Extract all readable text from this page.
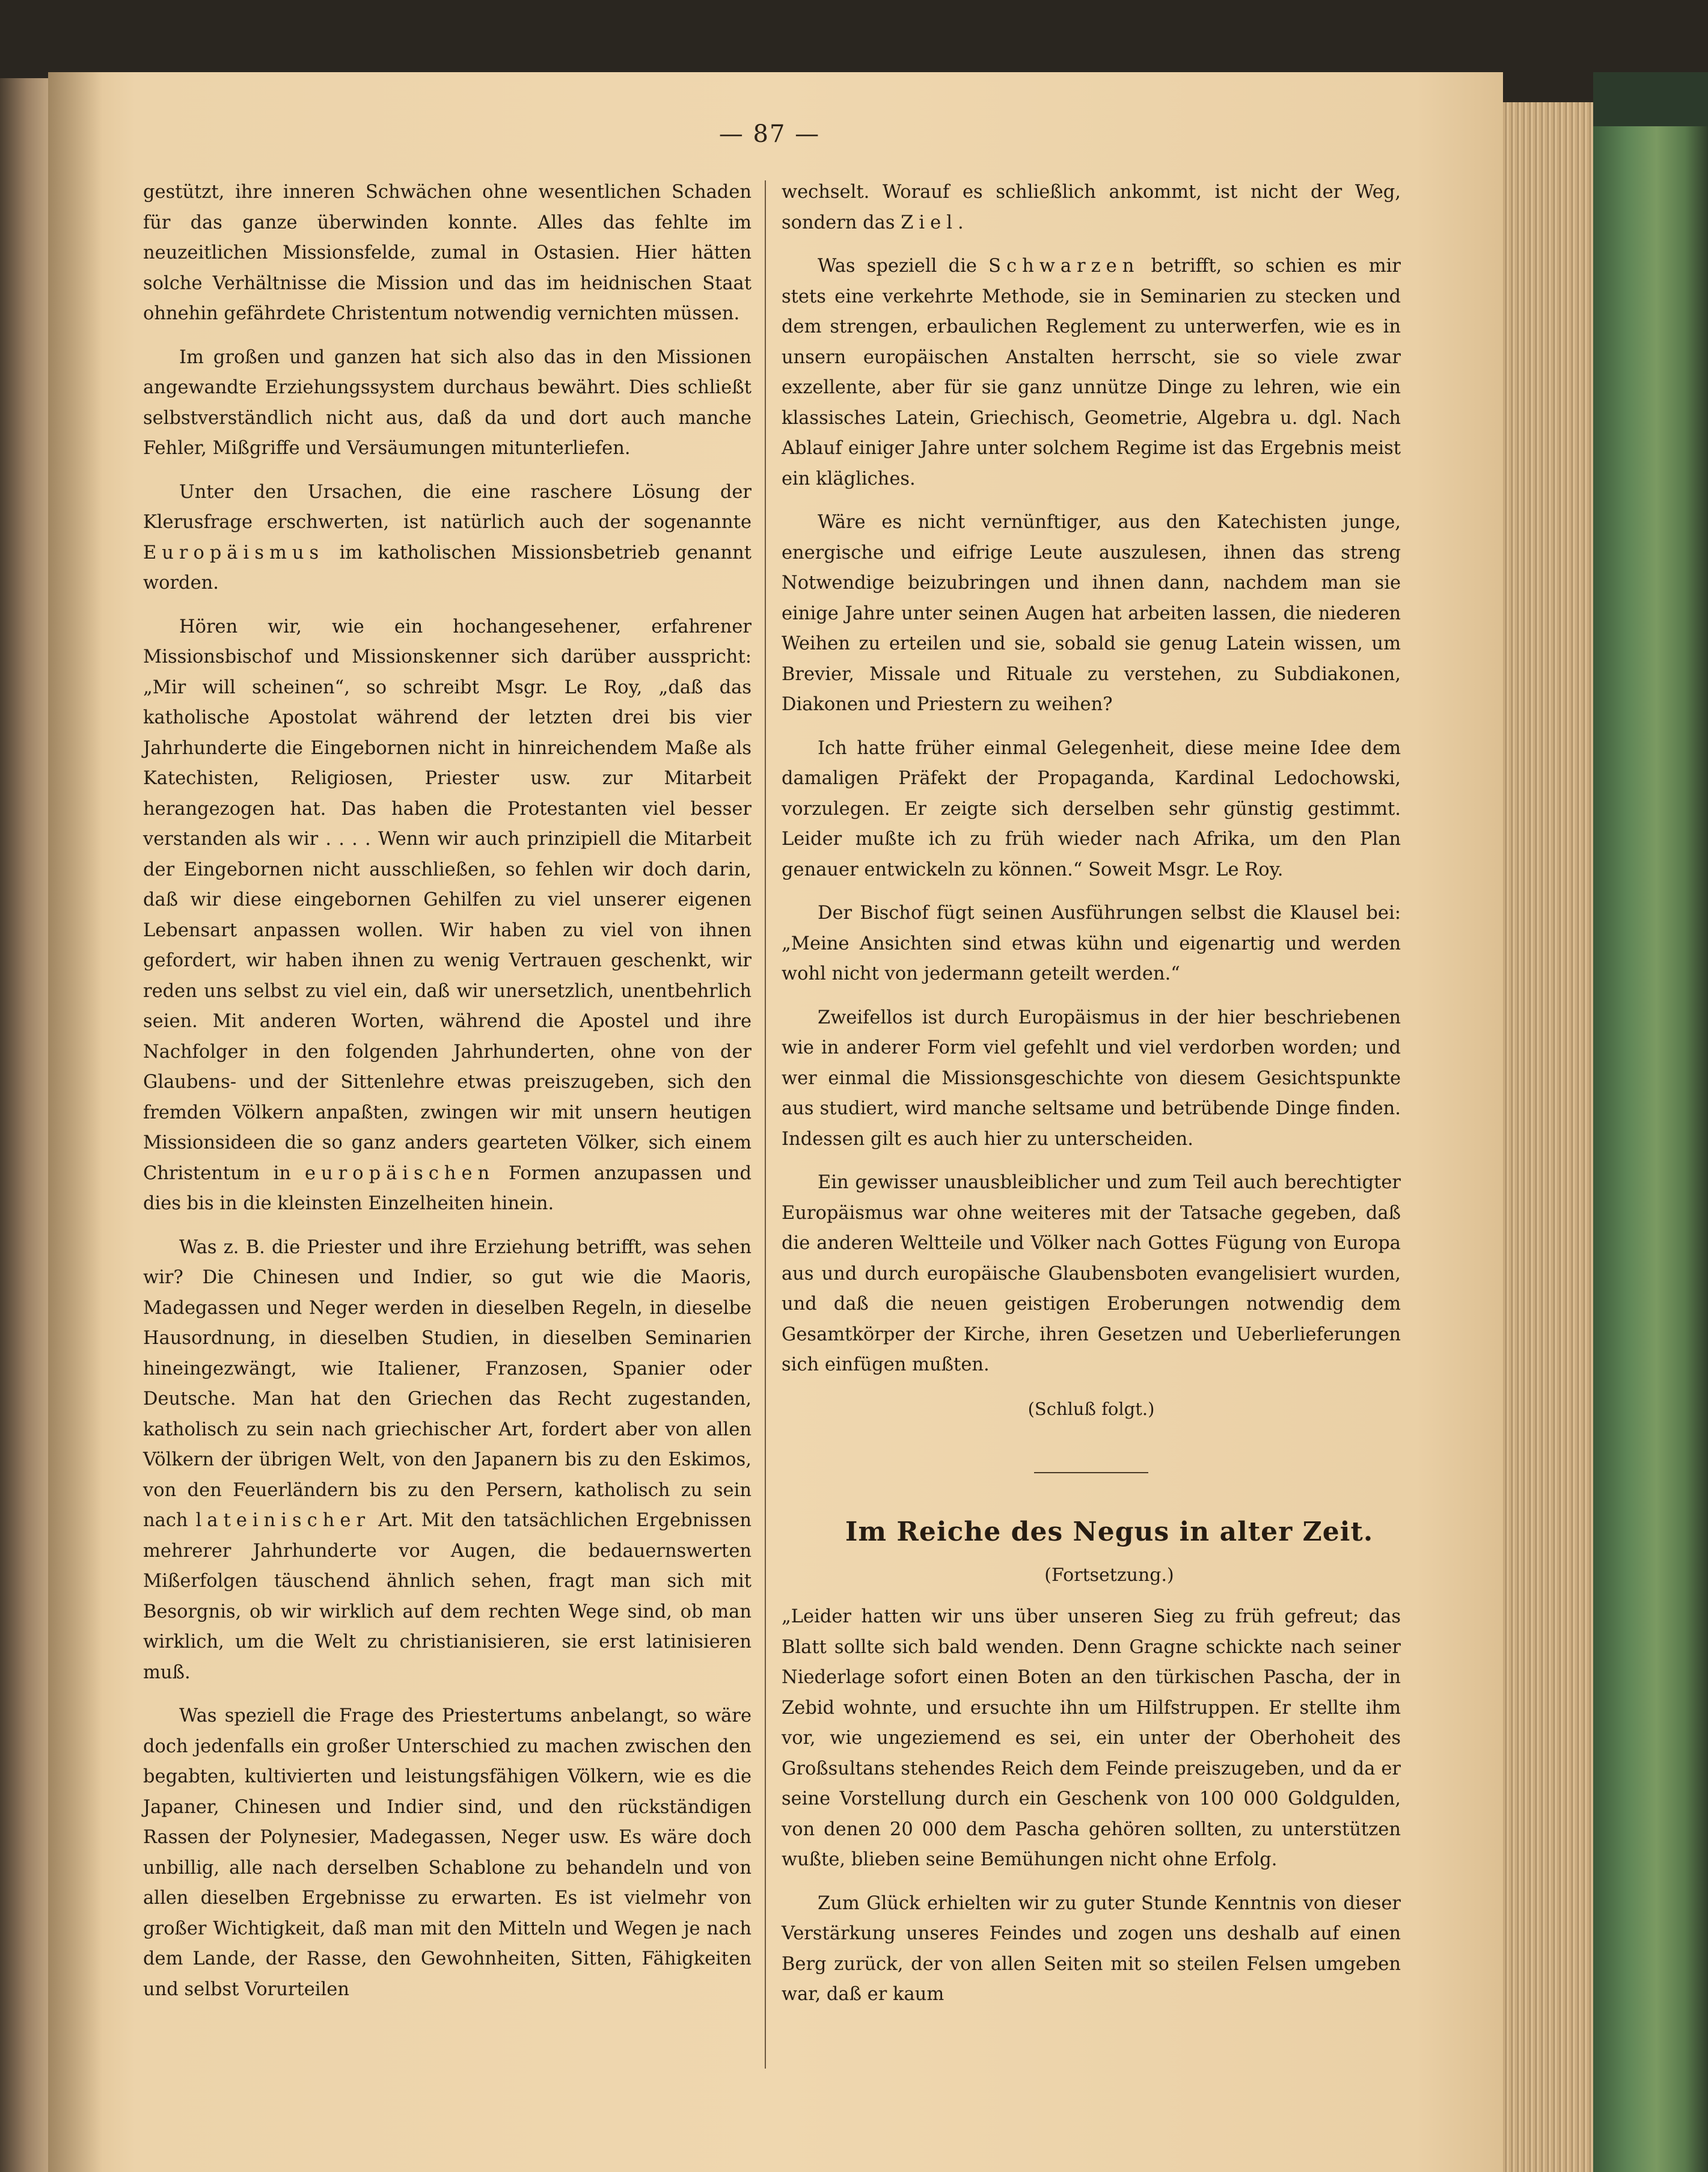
— 87 —

gestützt, ihre inneren Schwächen ohne wesentlichen Schaden für das ganze überwinden konnte. Alles das fehlte im neuzeitlichen Missionsfelde, zumal in Ostasien. Hier hätten solche Verhältnisse die Mission und das im heidnischen Staat ohnehin gefährdete Christentum notwendig vernichten müssen.

Im großen und ganzen hat sich also das in den Missionen angewandte Erziehungssystem durchaus bewährt. Dies schließt selbstverständlich nicht aus, daß da und dort auch manche Fehler, Mißgriffe und Versäumungen mitunterliefen.

Unter den Ursachen, die eine raschere Lösung der Klerusfrage erschwerten, ist natürlich auch der sogenannte Europäismus im katholischen Missionsbetrieb genannt worden.

Hören wir, wie ein hochangesehener, erfahrener Missionsbischof und Missionskenner sich darüber ausspricht: „Mir will scheinen“, so schreibt Msgr. Le Roy, „daß das katholische Apostolat während der letzten drei bis vier Jahrhunderte die Eingebornen nicht in hinreichendem Maße als Katechisten, Religiosen, Priester usw. zur Mitarbeit herangezogen hat. Das haben die Protestanten viel besser verstanden als wir . . . . Wenn wir auch prinzipiell die Mitarbeit der Eingebornen nicht ausschließen, so fehlen wir doch darin, daß wir diese eingebornen Gehilfen zu viel unserer eigenen Lebensart anpassen wollen. Wir haben zu viel von ihnen gefordert, wir haben ihnen zu wenig Vertrauen geschenkt, wir reden uns selbst zu viel ein, daß wir unersetzlich, unentbehrlich seien. Mit anderen Worten, während die Apostel und ihre Nachfolger in den folgenden Jahrhunderten, ohne von der Glaubens- und der Sittenlehre etwas preiszugeben, sich den fremden Völkern anpaßten, zwingen wir mit unsern heutigen Missionsideen die so ganz anders gearteten Völker, sich einem Christentum in europäischen Formen anzupassen und dies bis in die kleinsten Einzelheiten hinein.

Was z. B. die Priester und ihre Erziehung betrifft, was sehen wir? Die Chinesen und Indier, so gut wie die Maoris, Madegassen und Neger werden in dieselben Regeln, in dieselbe Hausordnung, in dieselben Studien, in dieselben Seminarien hineingezwängt, wie Italiener, Franzosen, Spanier oder Deutsche. Man hat den Griechen das Recht zugestanden, katholisch zu sein nach griechischer Art, fordert aber von allen Völkern der übrigen Welt, von den Japanern bis zu den Eskimos, von den Feuerländern bis zu den Persern, katholisch zu sein nach lateinischer Art. Mit den tatsächlichen Ergebnissen mehrerer Jahrhunderte vor Augen, die bedauernswerten Mißerfolgen täuschend ähnlich sehen, fragt man sich mit Besorgnis, ob wir wirklich auf dem rechten Wege sind, ob man wirklich, um die Welt zu christianisieren, sie erst latinisieren muß.

Was speziell die Frage des Priestertums anbelangt, so wäre doch jedenfalls ein großer Unterschied zu machen zwischen den begabten, kultivierten und leistungsfähigen Völkern, wie es die Japaner, Chinesen und Indier sind, und den rückständigen Rassen der Polynesier, Madegassen, Neger usw. Es wäre doch unbillig, alle nach derselben Schablone zu behandeln und von allen dieselben Ergebnisse zu erwarten. Es ist vielmehr von großer Wichtigkeit, daß man mit den Mitteln und Wegen je nach dem Lande, der Rasse, den Gewohnheiten, Sitten, Fähigkeiten und selbst Vorurteilen

wechselt. Worauf es schließlich ankommt, ist nicht der Weg, sondern das Ziel.

Was speziell die Schwarzen betrifft, so schien es mir stets eine verkehrte Methode, sie in Seminarien zu stecken und dem strengen, erbaulichen Reglement zu unterwerfen, wie es in unsern europäischen Anstalten herrscht, sie so viele zwar exzellente, aber für sie ganz unnütze Dinge zu lehren, wie ein klassisches Latein, Griechisch, Geometrie, Algebra u. dgl. Nach Ablauf einiger Jahre unter solchem Regime ist das Ergebnis meist ein klägliches.

Wäre es nicht vernünftiger, aus den Katechisten junge, energische und eifrige Leute auszulesen, ihnen das streng Notwendige beizubringen und ihnen dann, nachdem man sie einige Jahre unter seinen Augen hat arbeiten lassen, die niederen Weihen zu erteilen und sie, sobald sie genug Latein wissen, um Brevier, Missale und Rituale zu verstehen, zu Subdiakonen, Diakonen und Priestern zu weihen?

Ich hatte früher einmal Gelegenheit, diese meine Idee dem damaligen Präfekt der Propaganda, Kardinal Ledochowski, vorzulegen. Er zeigte sich derselben sehr günstig gestimmt. Leider mußte ich zu früh wieder nach Afrika, um den Plan genauer entwickeln zu können.“ Soweit Msgr. Le Roy.

Der Bischof fügt seinen Ausführungen selbst die Klausel bei: „Meine Ansichten sind etwas kühn und eigenartig und werden wohl nicht von jedermann geteilt werden.“

Zweifellos ist durch Europäismus in der hier beschriebenen wie in anderer Form viel gefehlt und viel verdorben worden; und wer einmal die Missionsgeschichte von diesem Gesichtspunkte aus studiert, wird manche seltsame und betrübende Dinge finden. Indessen gilt es auch hier zu unterscheiden.

Ein gewisser unausbleiblicher und zum Teil auch berechtigter Europäismus war ohne weiteres mit der Tatsache gegeben, daß die anderen Weltteile und Völker nach Gottes Fügung von Europa aus und durch europäische Glaubensboten evangelisiert wurden, und daß die neuen geistigen Eroberungen notwendig dem Gesamtkörper der Kirche, ihren Gesetzen und Ueberlieferungen sich einfügen mußten.

(Schluß folgt.)

Im Reiche des Negus in alter Zeit.

(Fortsetzung.)

„Leider hatten wir uns über unseren Sieg zu früh gefreut; das Blatt sollte sich bald wenden. Denn Gragne schickte nach seiner Niederlage sofort einen Boten an den türkischen Pascha, der in Zebid wohnte, und ersuchte ihn um Hilfstruppen. Er stellte ihm vor, wie ungeziemend es sei, ein unter der Oberhoheit des Großsultans stehendes Reich dem Feinde preiszugeben, und da er seine Vorstellung durch ein Geschenk von 100 000 Goldgulden, von denen 20 000 dem Pascha gehören sollten, zu unterstützen wußte, blieben seine Bemühungen nicht ohne Erfolg.

Zum Glück erhielten wir zu guter Stunde Kenntnis von dieser Verstärkung unseres Feindes und zogen uns deshalb auf einen Berg zurück, der von allen Seiten mit so steilen Felsen umgeben war, daß er kaum
